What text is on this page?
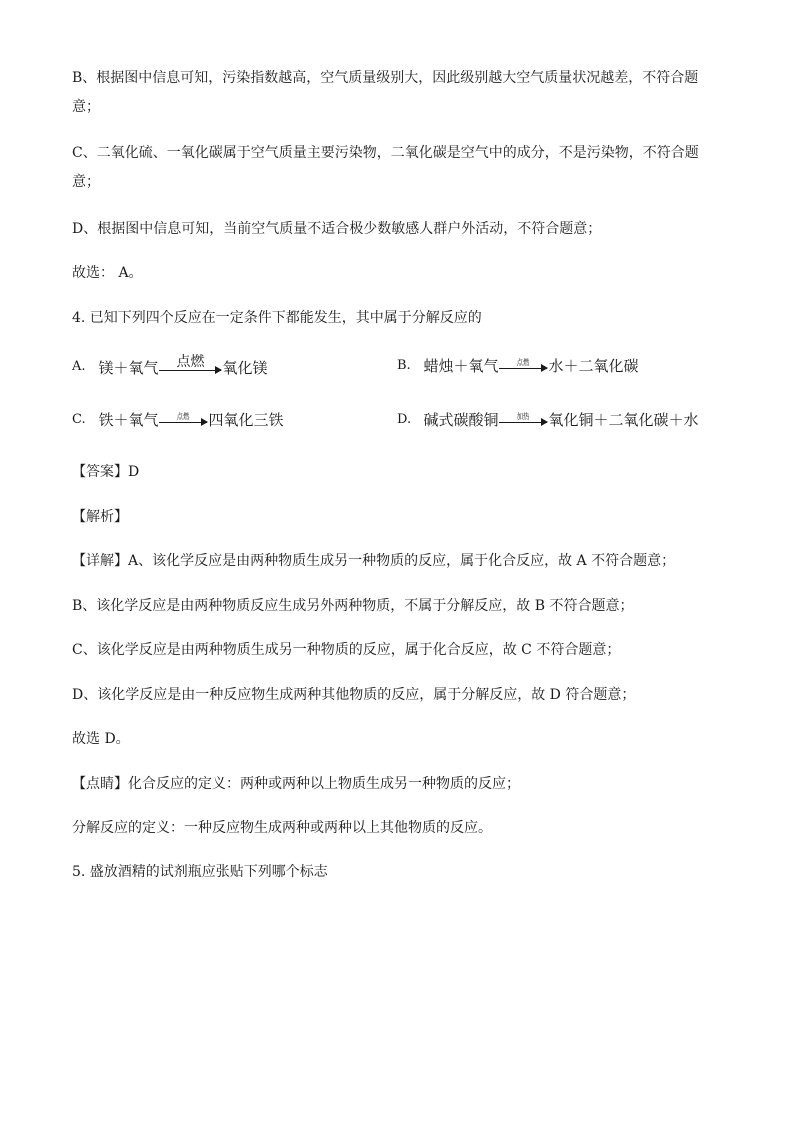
B、根据图中信息可知，污染指数越高，空气质量级别大，因此级别越大空气质量状况越差，不符合题
意；
C、二氧化硫、一氧化碳属于空气质量主要污染物，二氧化碳是空气中的成分，不是污染物，不符合题
意；
D、根据图中信息可知，当前空气质量不适合极少数敏感人群户外活动，不符合题意；
故选： A。
4. 已知下列四个反应在一定条件下都能发生，其中属于分解反应的
A. 镁＋氧气 点燃 氧化镁	B. 蜡烛＋氧气 点燃 水＋二氧化碳
C. 铁＋氧气 点燃 四氧化三铁	D. 碱式碳酸铜 加热 氧化铜＋二氧化碳＋水
【答案】D
【解析】
【详解】A、该化学反应是由两种物质生成另一种物质的反应，属于化合反应，故 A 不符合题意；
B、该化学反应是由两种物质反应生成另外两种物质，不属于分解反应，故 B 不符合题意；
C、该化学反应是由两种物质生成另一种物质的反应，属于化合反应，故 C 不符合题意；
D、该化学反应是由一种反应物生成两种其他物质的反应，属于分解反应，故 D 符合题意；
故选 D。
【点睛】化合反应的定义：两种或两种以上物质生成另一种物质的反应；
分解反应的定义：一种反应物生成两种或两种以上其他物质的反应。
5. 盛放酒精的试剂瓶应张贴下列哪个标志
